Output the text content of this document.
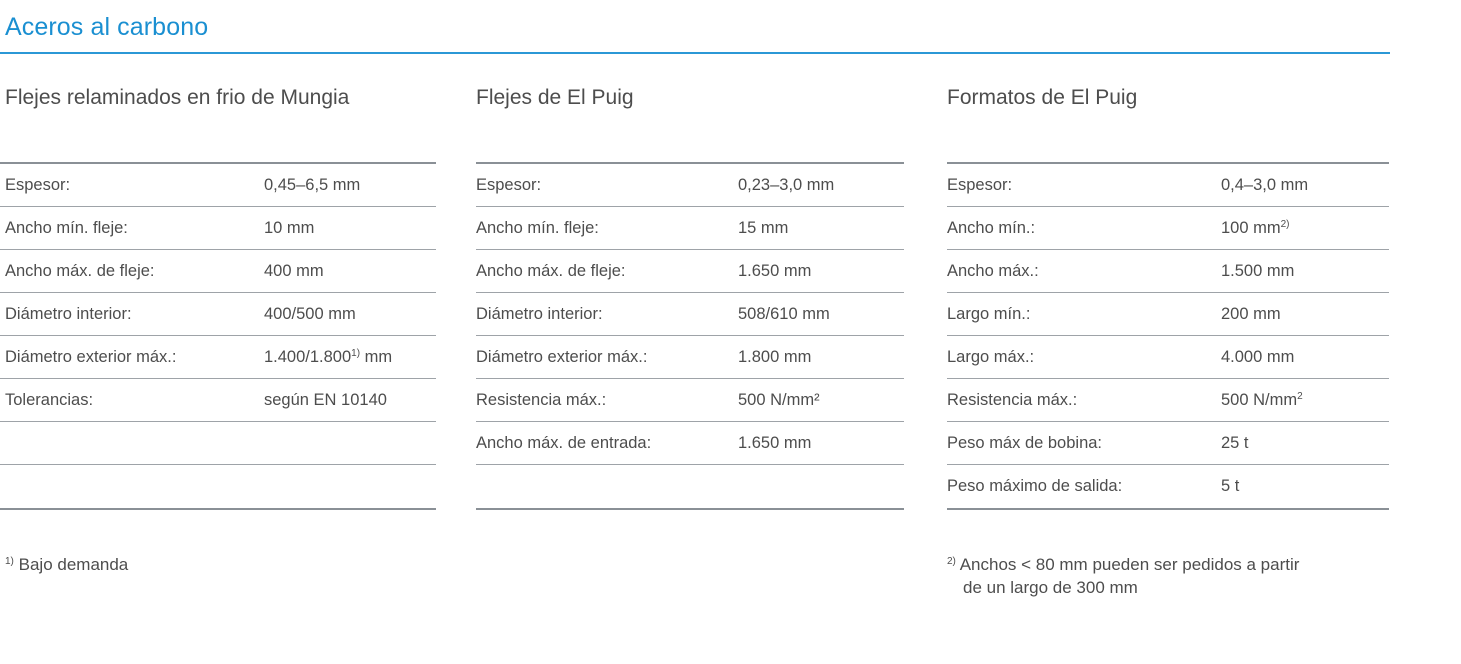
Aceros al carbono
Flejes relaminados en frio de Mungia
Espesor:	0,45–6,5 mm
Ancho mín. fleje:	10 mm
Ancho máx. de fleje:	400 mm
Diámetro interior:	400/500 mm
Diámetro exterior máx.:	1.400/1.800$^{1)}$ mm
Tolerancias:	según EN 10140
Flejes de El Puig
Espesor:	0,23–3,0 mm
Ancho mín. fleje:	15 mm
Ancho máx. de fleje:	1.650 mm
Diámetro interior:	508/610 mm
Diámetro exterior máx.:	1.800 mm
Resistencia máx.:	500 N/mm²
Ancho máx. de entrada:	1.650 mm
Formatos de El Puig
Espesor:	0,4–3,0 mm
Ancho mín.:	100 $mm^{2)}$
Ancho máx.:	1.500 mm
Largo mín.:	200 mm
Largo máx.:	4.000 mm
Resistencia máx.:	500 $N/mm^2$
Peso máx de bobina:	25 t
Peso máximo de salida:	5 t
$^{1)}$ Bajo demanda	$^{2)}$ Anchos < 80 mm pueden ser pedidos a partir
de un largo de 300 mm
